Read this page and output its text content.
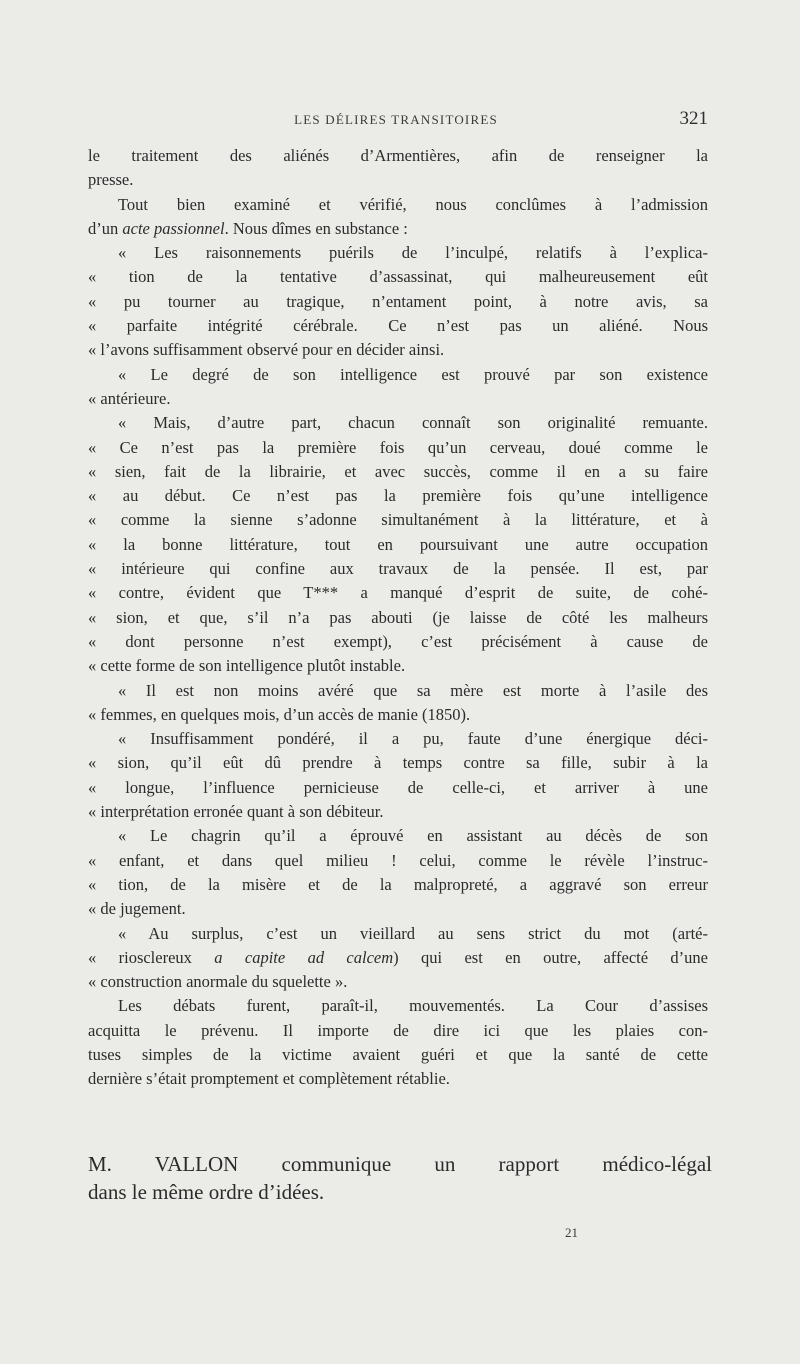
LES DÉLIRES TRANSITOIRES	321
le traitement des aliénés d’Armentières, afin de renseigner la
presse.
Tout bien examiné et vérifié, nous conclûmes à l’admission
d’un acte passionnel. Nous dîmes en substance :
« Les raisonnements puérils de l’inculpé, relatifs à l’explica-
« tion de la tentative d’assassinat, qui malheureusement eût
« pu tourner au tragique, n’entament point, à notre avis, sa
« parfaite intégrité cérébrale. Ce n’est pas un aliéné. Nous
« l’avons suffisamment observé pour en décider ainsi.
« Le degré de son intelligence est prouvé par son existence
« antérieure.
« Mais, d’autre part, chacun connaît son originalité remuante.
« Ce n’est pas la première fois qu’un cerveau, doué comme le
« sien, fait de la librairie, et avec succès, comme il en a su faire
« au début. Ce n’est pas la première fois qu’une intelligence
« comme la sienne s’adonne simultanément à la littérature, et à
« la bonne littérature, tout en poursuivant une autre occupation
« intérieure qui confine aux travaux de la pensée. Il est, par
« contre, évident que T*** a manqué d’esprit de suite, de cohé-
« sion, et que, s’il n’a pas abouti (je laisse de côté les malheurs
« dont personne n’est exempt), c’est précisément à cause de
« cette forme de son intelligence plutôt instable.
« Il est non moins avéré que sa mère est morte à l’asile des
« femmes, en quelques mois, d’un accès de manie (1850).
« Insuffisamment pondéré, il a pu, faute d’une énergique déci-
« sion, qu’il eût dû prendre à temps contre sa fille, subir à la
« longue, l’influence pernicieuse de celle-ci, et arriver à une
« interprétation erronée quant à son débiteur.
« Le chagrin qu’il a éprouvé en assistant au décès de son
« enfant, et dans quel milieu ! celui, comme le révèle l’instruc-
« tion, de la misère et de la malpropreté, a aggravé son erreur
« de jugement.
« Au surplus, c’est un vieillard au sens strict du mot (arté-
« riosclereux a capite ad calcem) qui est en outre, affecté d’une
« construction anormale du squelette ».
Les débats furent, paraît-il, mouvementés. La Cour d’assises
acquitta le prévenu. Il importe de dire ici que les plaies con-
tuses simples de la victime avaient guéri et que la santé de cette
dernière s’était promptement et complètement rétablie.
M. VALLON communique un rapport médico-légal
dans le même ordre d’idées.
21
